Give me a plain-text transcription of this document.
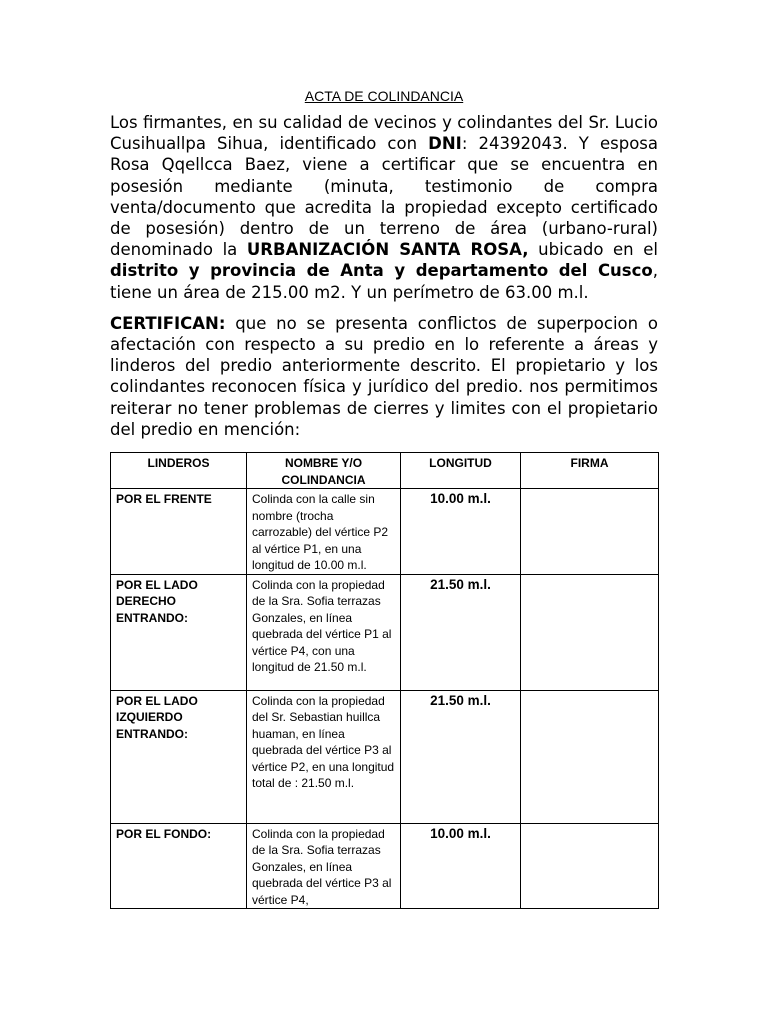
ACTA DE COLINDANCIA

Los firmantes, en su calidad de vecinos y colindantes del Sr. Lucio Cusihuallpa Sihua, identificado con DNI: 24392043. Y esposa Rosa Qqellcca Baez, viene a certificar que se encuentra en posesión mediante (minuta, testimonio de compra venta/documento que acredita la propiedad excepto certificado de posesión) dentro de un terreno de área (urbano-rural) denominado la URBANIZACIÓN SANTA ROSA, ubicado en el distrito y provincia de Anta y departamento del Cusco, tiene un área de 215.00 m2. Y un perímetro de 63.00 m.l.

CERTIFICAN: que no se presenta conflictos de superpocion o afectación con respecto a su predio en lo referente a áreas y linderos del predio anteriormente descrito. El propietario y los colindantes reconocen física y jurídico del predio. nos permitimos reiterar no tener problemas de cierres y limites con el propietario del predio en mención:

LINDEROS	NOMBRE Y/O COLINDANCIA	LONGITUD	FIRMA
POR EL FRENTE	Colinda con la calle sin nombre (trocha carrozable) del vértice P2 al vértice P1, en una longitud de 10.00 m.l.	10.00 m.l.	
POR EL LADO DERECHO ENTRANDO:	Colinda con la propiedad de la Sra. Sofia terrazas Gonzales, en línea quebrada del vértice P1 al vértice P4, con una longitud de 21.50 m.l.	21.50 m.l.	
POR EL LADO IZQUIERDO ENTRANDO:	Colinda con la propiedad del Sr. Sebastian huillca huaman, en línea quebrada del vértice P3 al vértice P2, en una longitud total de : 21.50 m.l.	21.50 m.l.	
POR EL FONDO:	Colinda con la propiedad de la Sra. Sofia terrazas Gonzales, en línea quebrada del vértice P3 al vértice P4,	10.00 m.l.	
